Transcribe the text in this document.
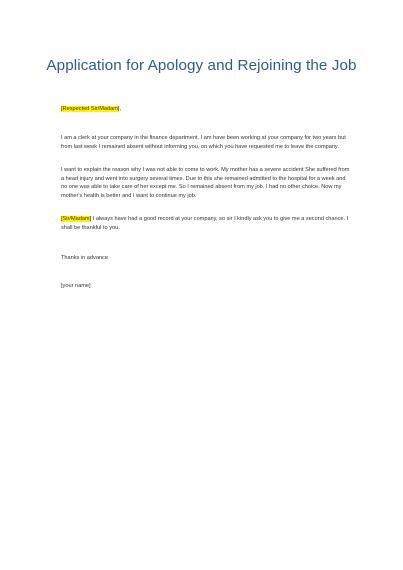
Application for Apology and Rejoining the Job
[Respected Sir/Madam],
I am a clerk at your company in the finance department. I am have been working at your company for two years but from last week I remained absent without informing you, on which you have requested me to leave the company.
I want to explain the reason why I was not able to come to work. My mother has a severe accident She suffered from a head injury and went into surgery several times. Due to this she remained admitted to the hospital for a week and no one was able to take care of her except me. So I remained absent from my job. I had no other choice. Now my mother's health is better and I want to continue my job.
[Sir/Madam] I always have had a good record at your company, so sir I kindly ask you to give me a second chance. I shall be thankful to you.
Thanks in advance
[your name]
